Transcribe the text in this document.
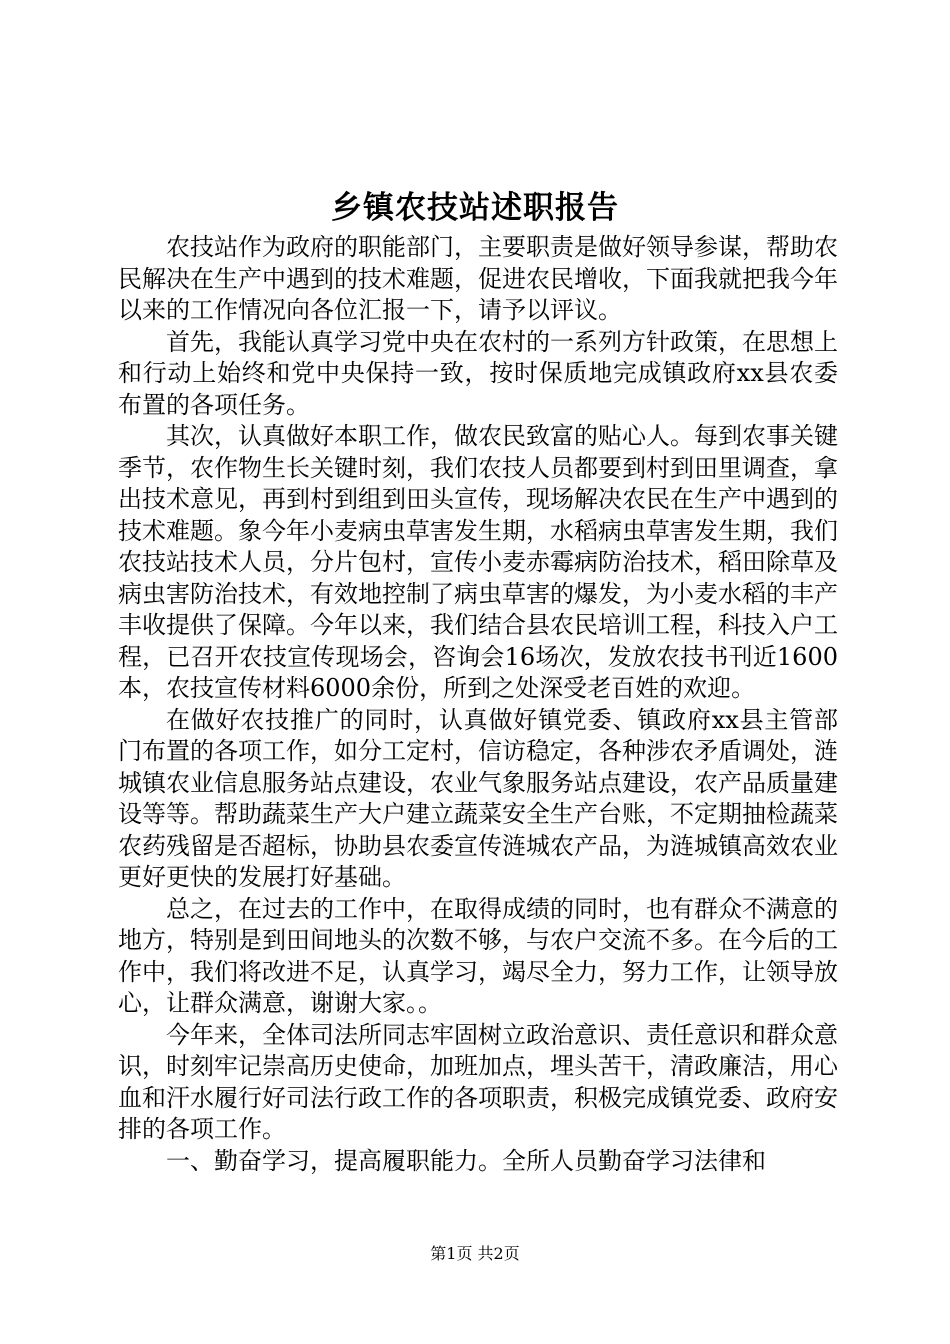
乡镇农技站述职报告

农技站作为政府的职能部门，主要职责是做好领导参谋，帮助农民解决在生产中遇到的技术难题，促进农民增收，下面我就把我今年以来的工作情况向各位汇报一下，请予以评议。

首先，我能认真学习党中央在农村的一系列方针政策，在思想上和行动上始终和党中央保持一致，按时保质地完成镇政府xx县农委布置的各项任务。

其次，认真做好本职工作，做农民致富的贴心人。每到农事关键季节，农作物生长关键时刻，我们农技人员都要到村到田里调查，拿出技术意见，再到村到组到田头宣传，现场解决农民在生产中遇到的技术难题。象今年小麦病虫草害发生期，水稻病虫草害发生期，我们农技站技术人员，分片包村，宣传小麦赤霉病防治技术，稻田除草及病虫害防治技术，有效地控制了病虫草害的爆发，为小麦水稻的丰产丰收提供了保障。今年以来，我们结合县农民培训工程，科技入户工程，已召开农技宣传现场会，咨询会16场次，发放农技书刊近1600本，农技宣传材料6000余份，所到之处深受老百姓的欢迎。

在做好农技推广的同时，认真做好镇党委、镇政府xx县主管部门布置的各项工作，如分工定村，信访稳定，各种涉农矛盾调处，涟城镇农业信息服务站点建设，农业气象服务站点建设，农产品质量建设等等。帮助蔬菜生产大户建立蔬菜安全生产台账，不定期抽检蔬菜农药残留是否超标，协助县农委宣传涟城农产品，为涟城镇高效农业更好更快的发展打好基础。

总之，在过去的工作中，在取得成绩的同时，也有群众不满意的地方，特别是到田间地头的次数不够，与农户交流不多。在今后的工作中，我们将改进不足，认真学习，竭尽全力，努力工作，让领导放心，让群众满意，谢谢大家。。

今年来，全体司法所同志牢固树立政治意识、责任意识和群众意识，时刻牢记崇高历史使命，加班加点，埋头苦干，清政廉洁，用心血和汗水履行好司法行政工作的各项职责，积极完成镇党委、政府安排的各项工作。

一、勤奋学习，提高履职能力。全所人员勤奋学习法律和

第1页 共2页
